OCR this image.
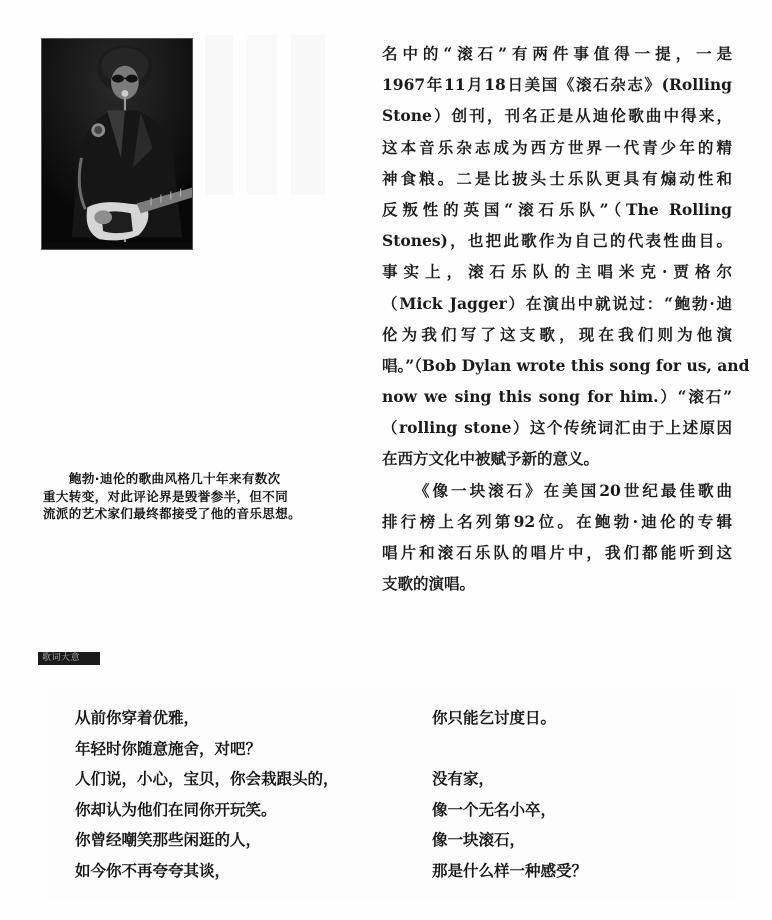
鲍勃·迪伦的歌曲风格几十年来有数次
重大转变，对此评论界是毁誉参半，但不同
流派的艺术家们最终都接受了他的音乐思想。
名中的“滚石”有两件事值得一提，一是
1967年11月18日美国《滚石杂志》(Rolling
Stone）创刊，刊名正是从迪伦歌曲中得来，
这本音乐杂志成为西方世界一代青少年的精
神食粮。二是比披头士乐队更具有煽动性和
反叛性的英国“滚石乐队”（The Rolling
Stones)，也把此歌作为自己的代表性曲目。
事实上，滚石乐队的主唱米克·贾格尔
（Mick Jagger）在演出中就说过：“鲍勃·迪
伦为我们写了这支歌，现在我们则为他演
唱。”（Bob Dylan wrote this song for us, and
now we sing this song for him.）“滚石”
（rolling stone）这个传统词汇由于上述原因
在西方文化中被赋予新的意义。
《像一块滚石》在美国20世纪最佳歌曲
排行榜上名列第92位。在鲍勃·迪伦的专辑
唱片和滚石乐队的唱片中，我们都能听到这
支歌的演唱。
歌词大意
从前你穿着优雅，
年轻时你随意施舍，对吧？
人们说，小心，宝贝，你会栽跟头的，
你却认为他们在同你开玩笑。
你曾经嘲笑那些闲逛的人，
如今你不再夸夸其谈，
你只能乞讨度日。
没有家，
像一个无名小卒，
像一块滚石，
那是什么样一种感受？
